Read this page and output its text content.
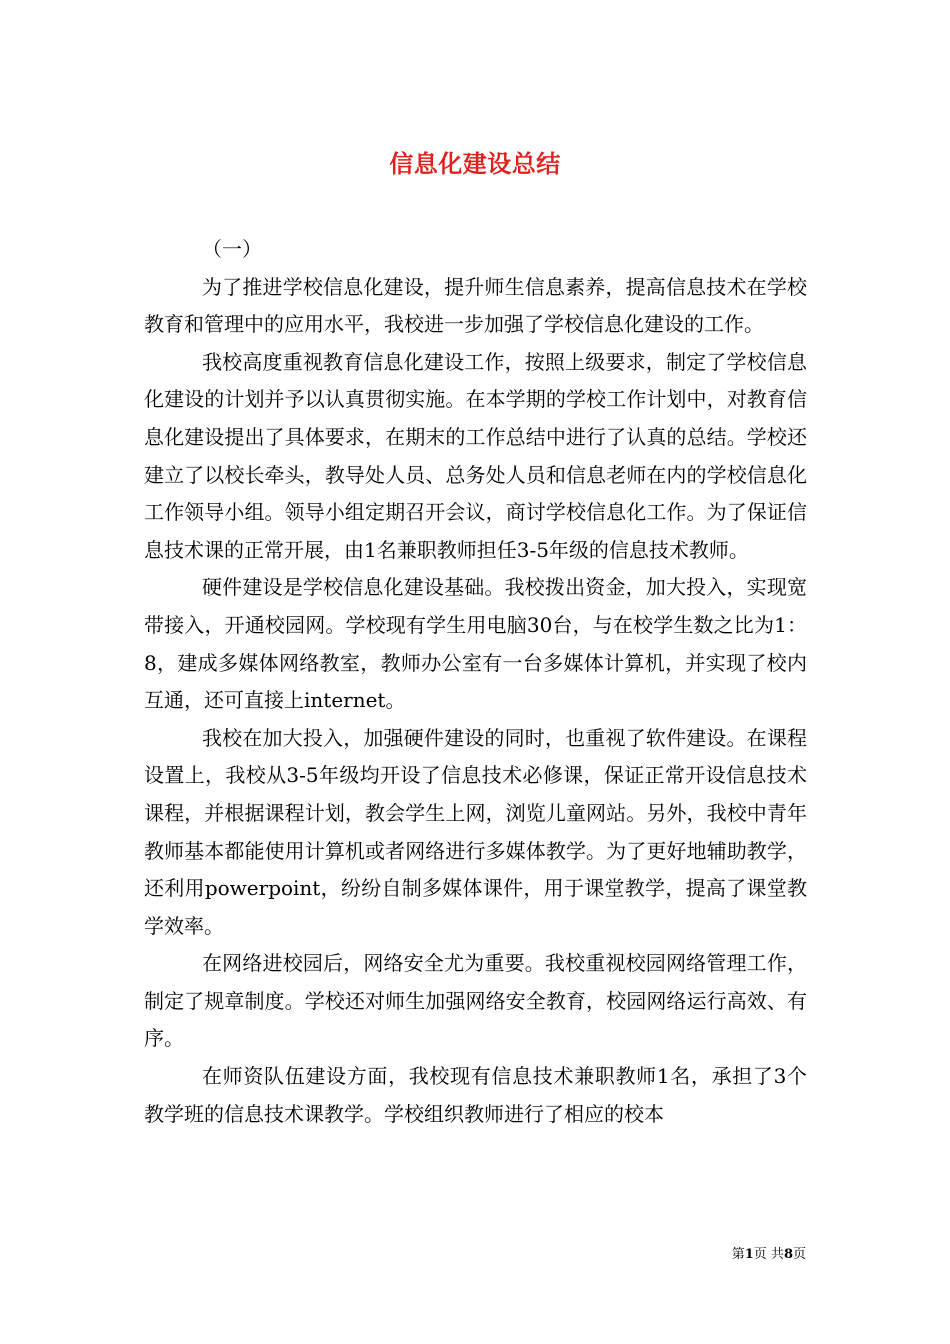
信息化建设总结

（一）

为了推进学校信息化建设，提升师生信息素养，提高信息技术在学校教育和管理中的应用水平，我校进一步加强了学校信息化建设的工作。

我校高度重视教育信息化建设工作，按照上级要求，制定了学校信息化建设的计划并予以认真贯彻实施。在本学期的学校工作计划中，对教育信息化建设提出了具体要求，在期末的工作总结中进行了认真的总结。学校还建立了以校长牵头，教导处人员、总务处人员和信息老师在内的学校信息化工作领导小组。领导小组定期召开会议，商讨学校信息化工作。为了保证信息技术课的正常开展，由1名兼职教师担任3-5年级的信息技术教师。

硬件建设是学校信息化建设基础。我校拨出资金，加大投入，实现宽带接入，开通校园网。学校现有学生用电脑30台，与在校学生数之比为1：8，建成多媒体网络教室，教师办公室有一台多媒体计算机，并实现了校内互通，还可直接上internet。

我校在加大投入，加强硬件建设的同时，也重视了软件建设。在课程设置上，我校从3-5年级均开设了信息技术必修课，保证正常开设信息技术课程，并根据课程计划，教会学生上网，浏览儿童网站。另外，我校中青年教师基本都能使用计算机或者网络进行多媒体教学。为了更好地辅助教学，还利用powerpoint，纷纷自制多媒体课件，用于课堂教学，提高了课堂教学效率。

在网络进校园后，网络安全尤为重要。我校重视校园网络管理工作，制定了规章制度。学校还对师生加强网络安全教育，校园网络运行高效、有序。

在师资队伍建设方面，我校现有信息技术兼职教师1名，承担了3个教学班的信息技术课教学。学校组织教师进行了相应的校本

第1页 共8页
